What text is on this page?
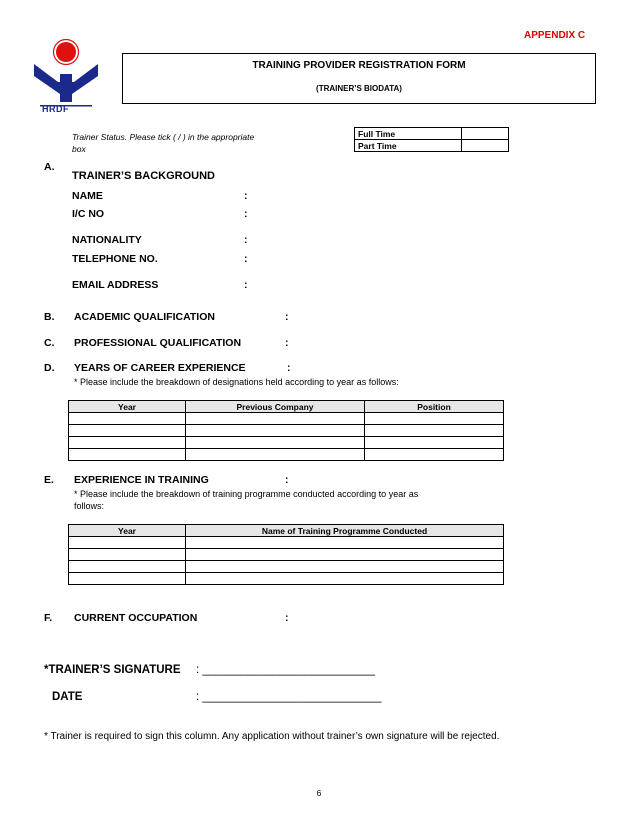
APPENDIX C
HRDF
TRAINING PROVIDER REGISTRATION FORM
(TRAINER’S BIODATA)
Trainer Status. Please tick ( / ) in the appropriate box
Full Time	
Part Time	
A.
TRAINER’S BACKGROUND
NAME	:
I/C NO	:
NATIONALITY	:
TELEPHONE NO.	:
EMAIL ADDRESS	:
B. ACADEMIC QUALIFICATION	:
C. PROFESSIONAL QUALIFICATION	:
D. YEARS OF CAREER EXPERIENCE	:
* Please include the breakdown of designations held according to year as follows:
Year	Previous Company	Position

E. EXPERIENCE IN TRAINING	:
* Please include the breakdown of training programme conducted according to year as
follows:
Year	Name of Training Programme Conducted

F. CURRENT OCCUPATION	:
*TRAINER’S SIGNATURE : ___________________________
DATE	: ____________________________
* Trainer is required to sign this column. Any application without trainer’s own signature will be rejected.
6
